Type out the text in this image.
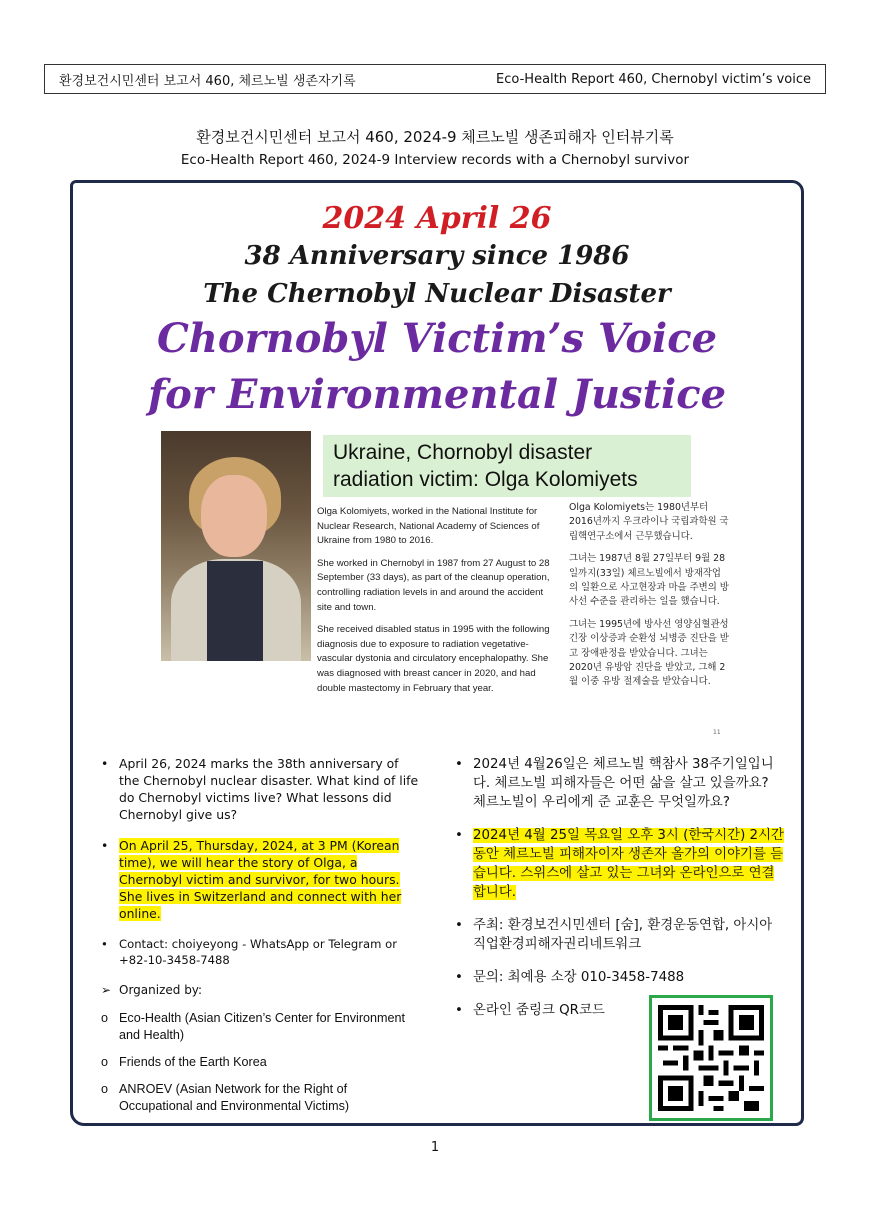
환경보건시민센터 보고서 460, 체르노빌 생존자기록	Eco-Health Report 460, Chernobyl victim’s voice
환경보건시민센터 보고서 460, 2024-9 체르노빌 생존피해자 인터뷰기록
Eco-Health Report 460, 2024-9 Interview records with a Chernobyl survivor
2024 April 26
38 Anniversary since 1986
The Chernobyl Nuclear Disaster
Chornobyl Victim’s Voice
for Environmental Justice
Ukraine, Chornobyl disaster
radiation victim: Olga Kolomiyets

Olga Kolomiyets, worked in the National Institute for Nuclear Research, National Academy of Sciences of Ukraine from 1980 to 2016.

She worked in Chernobyl in 1987 from 27 August to 28 September (33 days), as part of the cleanup operation, controlling radiation levels in and around the accident site and town.

She received disabled status in 1995 with the following diagnosis due to exposure to radiation vegetative-vascular dystonia and circulatory encephalopathy. She was diagnosed with breast cancer in 2020, and had double mastectomy in February that year.

Olga Kolomiyets는 1980년부터 2016년까지 우크라이나 국립과학원 국립핵연구소에서 근무했습니다.

그녀는 1987년 8월 27일부터 9월 28일까지(33일) 체르노빌에서 방재작업의 일환으로 사고현장과 마을 주변의 방사선 수준을 관리하는 일을 했습니다.

그녀는 1995년에 방사선 영양심혈관성 긴장 이상증과 순환성 뇌병증 진단을 받고 장애판정을 받았습니다. 그녀는 2020년 유방암 진단을 받았고, 그해 2월 이중 유방 절제술을 받았습니다.

11
• April 26, 2024 marks the 38th anniversary of the Chernobyl nuclear disaster. What kind of life do Chernobyl victims live? What lessons did Chernobyl give us?
• On April 25, Thursday, 2024, at 3 PM (Korean time), we will hear the story of Olga, a Chernobyl victim and survivor, for two hours. She lives in Switzerland and connect with her online.
• Contact: choiyeyong - WhatsApp or Telegram or +82-10-3458-7488
➢ Organized by:
o Eco-Health (Asian Citizen’s Center for Environment and Health)
o Friends of the Earth Korea
o ANROEV (Asian Network for the Right of Occupational and Environmental Victims)
• 2024년 4월26일은 체르노빌 핵참사 38주기일입니다. 체르노빌 피해자들은 어떤 삶을 살고 있을까요? 체르노빌이 우리에게 준 교훈은 무엇일까요?
• 2024년 4월 25일 목요일 오후 3시 (한국시간) 2시간 동안 체르노빌 피해자이자 생존자 올가의 이야기를 듣습니다. 스위스에 살고 있는 그녀와 온라인으로 연결합니다.
• 주최: 환경보건시민센터 [숨], 환경운동연합, 아시아직업환경피해자권리네트워크
• 문의: 최예용 소장 010-3458-7488
• 온라인 줌링크 QR코드
1
